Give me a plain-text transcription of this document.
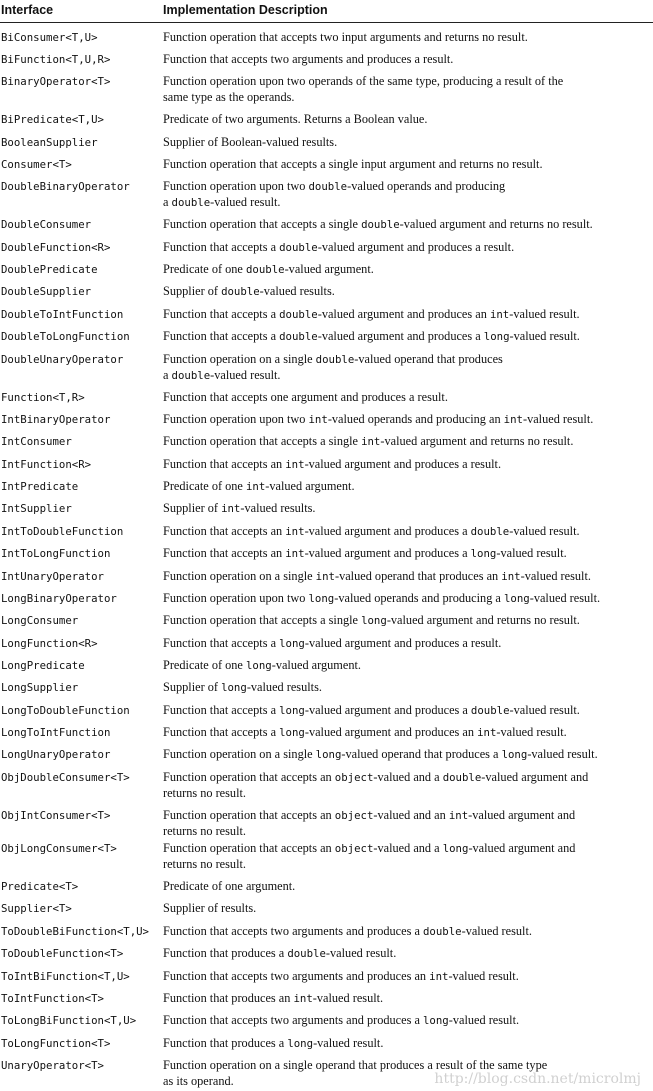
Interface	Implementation Description
BiConsumer<T,U>	Function operation that accepts two input arguments and returns no result.
BiFunction<T,U,R>	Function that accepts two arguments and produces a result.
BinaryOperator<T>	Function operation upon two operands of the same type, producing a result of the
same type as the operands.
BiPredicate<T,U>	Predicate of two arguments. Returns a Boolean value.
BooleanSupplier	Supplier of Boolean-valued results.
Consumer<T>	Function operation that accepts a single input argument and returns no result.
DoubleBinaryOperator	Function operation upon two double-valued operands and producing
a double-valued result.
DoubleConsumer	Function operation that accepts a single double-valued argument and returns no result.
DoubleFunction<R>	Function that accepts a double-valued argument and produces a result.
DoublePredicate	Predicate of one double-valued argument.
DoubleSupplier	Supplier of double-valued results.
DoubleToIntFunction	Function that accepts a double-valued argument and produces an int-valued result.
DoubleToLongFunction	Function that accepts a double-valued argument and produces a long-valued result.
DoubleUnaryOperator	Function operation on a single double-valued operand that produces
a double-valued result.
Function<T,R>	Function that accepts one argument and produces a result.
IntBinaryOperator	Function operation upon two int-valued operands and producing an int-valued result.
IntConsumer	Function operation that accepts a single int-valued argument and returns no result.
IntFunction<R>	Function that accepts an int-valued argument and produces a result.
IntPredicate	Predicate of one int-valued argument.
IntSupplier	Supplier of int-valued results.
IntToDoubleFunction	Function that accepts an int-valued argument and produces a double-valued result.
IntToLongFunction	Function that accepts an int-valued argument and produces a long-valued result.
IntUnaryOperator	Function operation on a single int-valued operand that produces an int-valued result.
LongBinaryOperator	Function operation upon two long-valued operands and producing a long-valued result.
LongConsumer	Function operation that accepts a single long-valued argument and returns no result.
LongFunction<R>	Function that accepts a long-valued argument and produces a result.
LongPredicate	Predicate of one long-valued argument.
LongSupplier	Supplier of long-valued results.
LongToDoubleFunction	Function that accepts a long-valued argument and produces a double-valued result.
LongToIntFunction	Function that accepts a long-valued argument and produces an int-valued result.
LongUnaryOperator	Function operation on a single long-valued operand that produces a long-valued result.
ObjDoubleConsumer<T>	Function operation that accepts an object-valued and a double-valued argument and
returns no result.
ObjIntConsumer<T>	Function operation that accepts an object-valued and an int-valued argument and
returns no result.
ObjLongConsumer<T>	Function operation that accepts an object-valued and a long-valued argument and
returns no result.
Predicate<T>	Predicate of one argument.
Supplier<T>	Supplier of results.
ToDoubleBiFunction<T,U> Function that accepts two arguments and produces a double-valued result.
ToDoubleFunction<T>	Function that produces a double-valued result.
ToIntBiFunction<T,U>	Function that accepts two arguments and produces an int-valued result.
ToIntFunction<T>	Function that produces an int-valued result.
ToLongBiFunction<T,U> Function that accepts two arguments and produces a long-valued result.
ToLongFunction<T>	Function that produces a long-valued result.
UnaryOperator<T>	Function operation on a single operand that produces a result of the same type
as its operand.	http://blog.csdn.net/microlmj
